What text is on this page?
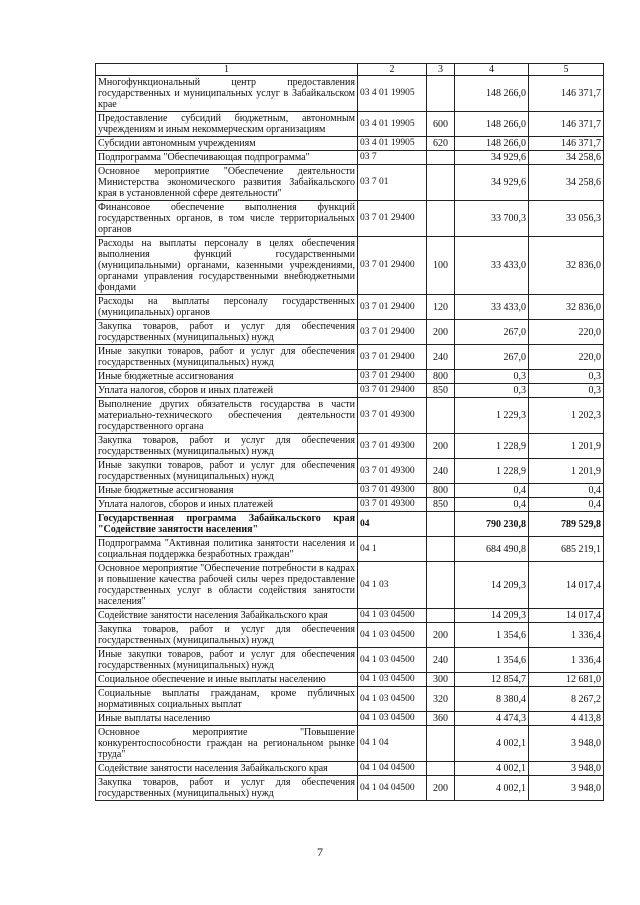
1	2	3	4	5
Многофункциональный центр предоставления государственных и муниципальных услуг в Забайкальском крае	03 4 01 19905		148 266,0	146 371,7
Предоставление субсидий бюджетным, автономным учреждениям и иным некоммерческим организациям	03 4 01 19905	600	148 266,0	146 371,7
Субсидии автономным учреждениям	03 4 01 19905	620	148 266,0	146 371,7
Подпрограмма "Обеспечивающая подпрограмма"	03 7		34 929,6	34 258,6
Основное мероприятие "Обеспечение деятельности Министерства экономического развития Забайкальского края в установленной сфере деятельности"	03 7 01		34 929,6	34 258,6
Финансовое обеспечение выполнения функций государственных органов, в том числе территориальных органов	03 7 01 29400		33 700,3	33 056,3
Расходы на выплаты персоналу в целях обеспечения выполнения функций государственными (муниципальными) органами, казенными учреждениями, органами управления государственными внебюджетными фондами	03 7 01 29400	100	33 433,0	32 836,0
Расходы на выплаты персоналу государственных (муниципальных) органов	03 7 01 29400	120	33 433,0	32 836,0
Закупка товаров, работ и услуг для обеспечения государственных (муниципальных) нужд	03 7 01 29400	200	267,0	220,0
Иные закупки товаров, работ и услуг для обеспечения государственных (муниципальных) нужд	03 7 01 29400	240	267,0	220,0
Иные бюджетные ассигнования	03 7 01 29400	800	0,3	0,3
Уплата налогов, сборов и иных платежей	03 7 01 29400	850	0,3	0,3
Выполнение других обязательств государства в части материально-технического обеспечения деятельности государственного органа	03 7 01 49300		1 229,3	1 202,3
Закупка товаров, работ и услуг для обеспечения государственных (муниципальных) нужд	03 7 01 49300	200	1 228,9	1 201,9
Иные закупки товаров, работ и услуг для обеспечения государственных (муниципальных) нужд	03 7 01 49300	240	1 228,9	1 201,9
Иные бюджетные ассигнования	03 7 01 49300	800	0,4	0,4
Уплата налогов, сборов и иных платежей	03 7 01 49300	850	0,4	0,4
Государственная программа Забайкальского края "Содействие занятости населения"	04		790 230,8	789 529,8
Подпрограмма "Активная политика занятости населения и социальная поддержка безработных граждан"	04 1		684 490,8	685 219,1
Основное мероприятие "Обеспечение потребности в кадрах и повышение качества рабочей силы через предоставление государственных услуг в области содействия занятости населения"	04 1 03		14 209,3	14 017,4
Содействие занятости населения Забайкальского края	04 1 03 04500		14 209,3	14 017,4
Закупка товаров, работ и услуг для обеспечения государственных (муниципальных) нужд	04 1 03 04500	200	1 354,6	1 336,4
Иные закупки товаров, работ и услуг для обеспечения государственных (муниципальных) нужд	04 1 03 04500	240	1 354,6	1 336,4
Социальное обеспечение и иные выплаты населению	04 1 03 04500	300	12 854,7	12 681,0
Социальные выплаты гражданам, кроме публичных нормативных социальных выплат	04 1 03 04500	320	8 380,4	8 267,2
Иные выплаты населению	04 1 03 04500	360	4 474,3	4 413,8
Основное мероприятие "Повышение конкурентоспособности граждан на региональном рынке труда"	04 1 04		4 002,1	3 948,0
Содействие занятости населения Забайкальского края	04 1 04 04500		4 002,1	3 948,0
Закупка товаров, работ и услуг для обеспечения государственных (муниципальных) нужд	04 1 04 04500	200	4 002,1	3 948,0
7
